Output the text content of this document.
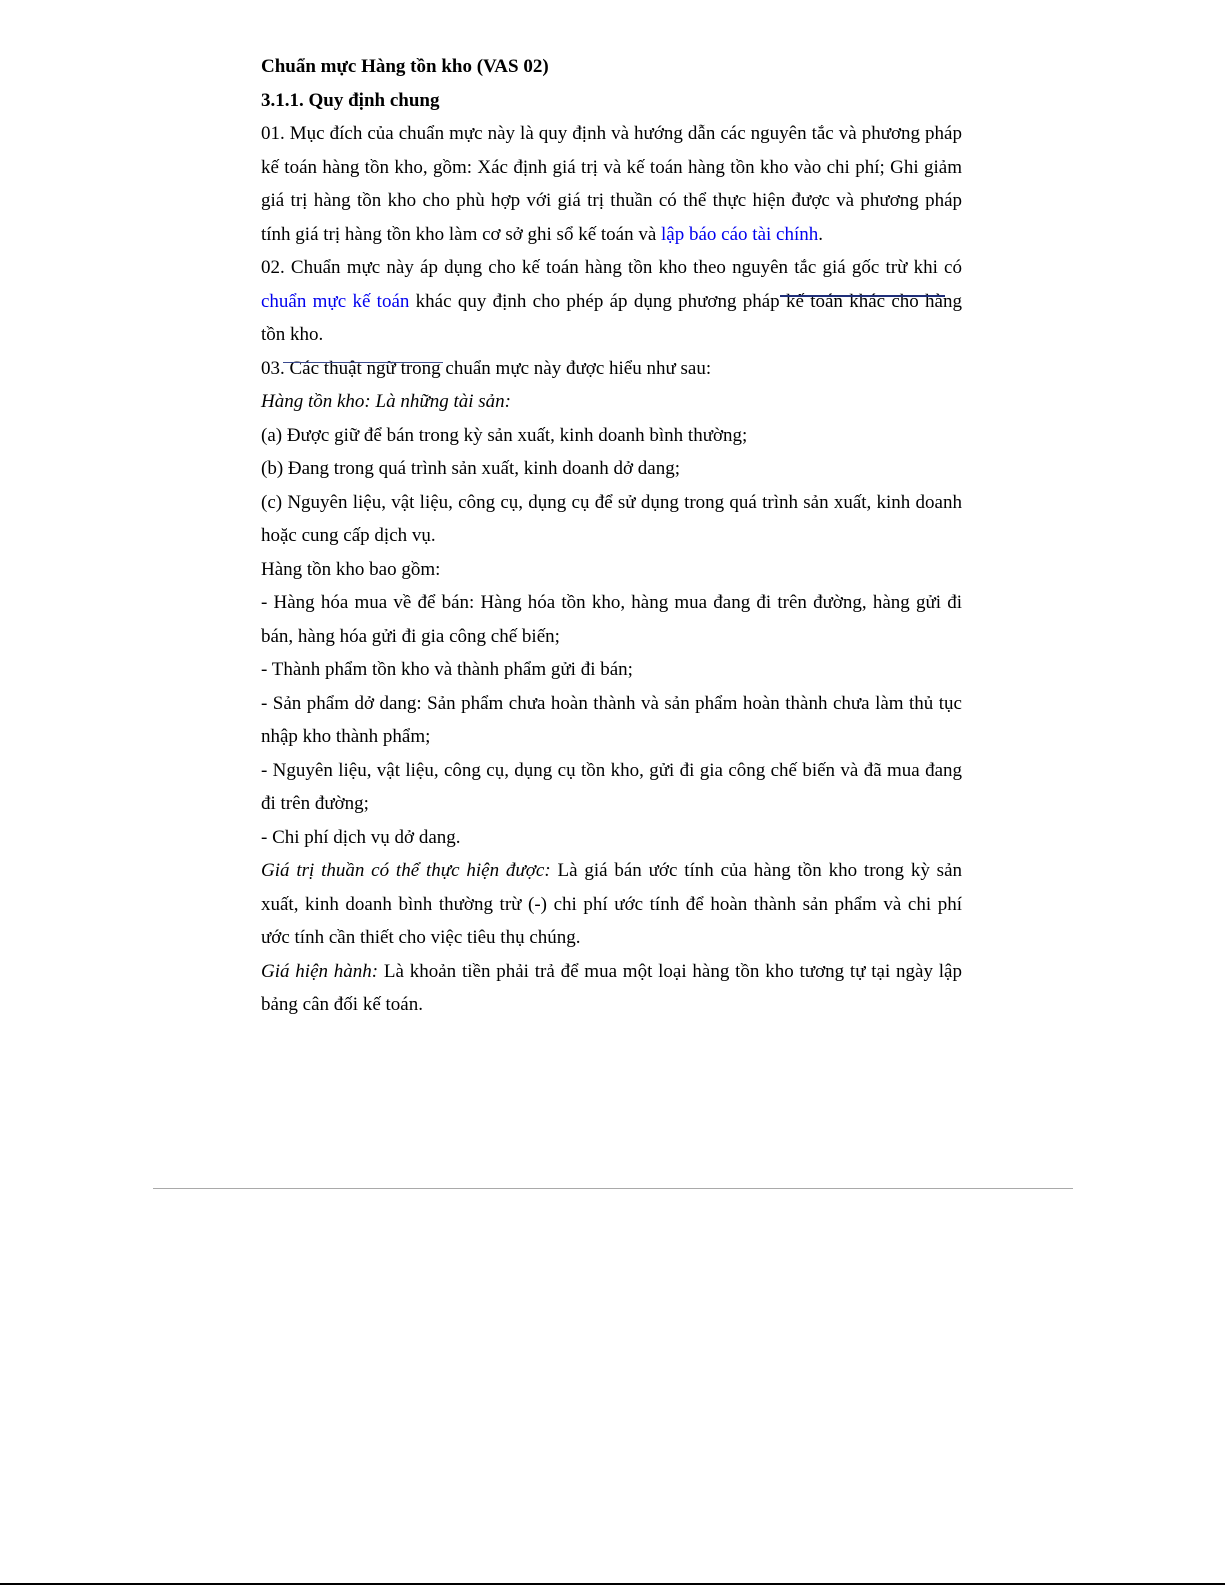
Chuẩn mực Hàng tồn kho (VAS 02)

3.1.1. Quy định chung

01. Mục đích của chuẩn mực này là quy định và hướng dẫn các nguyên tắc và phương pháp kế toán hàng tồn kho, gồm: Xác định giá trị và kế toán hàng tồn kho vào chi phí; Ghi giảm giá trị hàng tồn kho cho phù hợp với giá trị thuần có thể thực hiện được và phương pháp tính giá trị hàng tồn kho làm cơ sở ghi sổ kế toán và lập báo cáo tài chính.

02. Chuẩn mực này áp dụng cho kế toán hàng tồn kho theo nguyên tắc giá gốc trừ khi có chuẩn mực kế toán khác quy định cho phép áp dụng phương pháp kế toán khác cho hàng tồn kho.

03. Các thuật ngữ trong chuẩn mực này được hiểu như sau:

Hàng tồn kho: Là những tài sản:

(a) Được giữ để bán trong kỳ sản xuất, kinh doanh bình thường;

(b) Đang trong quá trình sản xuất, kinh doanh dở dang;

(c) Nguyên liệu, vật liệu, công cụ, dụng cụ để sử dụng trong quá trình sản xuất, kinh doanh hoặc cung cấp dịch vụ.

Hàng tồn kho bao gồm:

- Hàng hóa mua về để bán: Hàng hóa tồn kho, hàng mua đang đi trên đường, hàng gửi đi bán, hàng hóa gửi đi gia công chế biến;

- Thành phẩm tồn kho và thành phẩm gửi đi bán;

- Sản phẩm dở dang: Sản phẩm chưa hoàn thành và sản phẩm hoàn thành chưa làm thủ tục nhập kho thành phẩm;

- Nguyên liệu, vật liệu, công cụ, dụng cụ tồn kho, gửi đi gia công chế biến và đã mua đang đi trên đường;

- Chi phí dịch vụ dở dang.

Giá trị thuần có thể thực hiện được: Là giá bán ước tính của hàng tồn kho trong kỳ sản xuất, kinh doanh bình thường trừ (-) chi phí ước tính để hoàn thành sản phẩm và chi phí ước tính cần thiết cho việc tiêu thụ chúng.

Giá hiện hành: Là khoản tiền phải trả để mua một loại hàng tồn kho tương tự tại ngày lập bảng cân đối kế toán.
